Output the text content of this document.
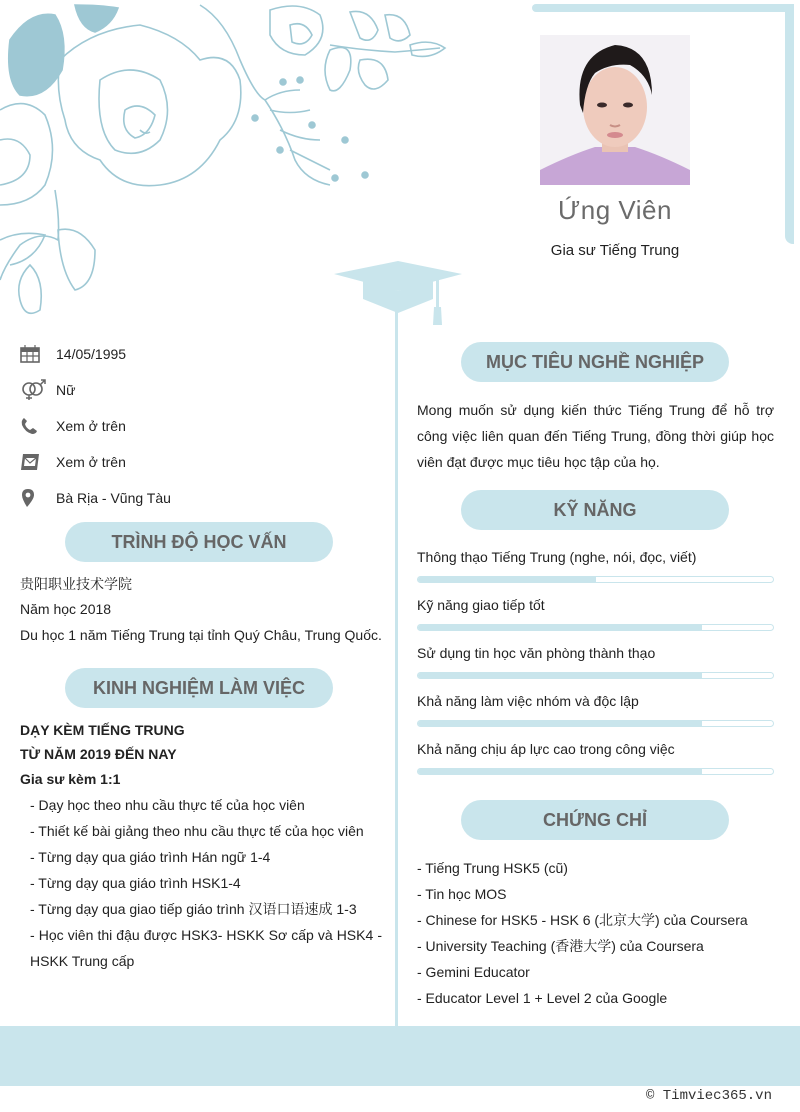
Ứng Viên
Gia sư Tiếng Trung
14/05/1995
Nữ
Xem ở trên
Xem ở trên
Bà Rịa - Vũng Tàu
TRÌNH ĐỘ HỌC VẤN
贵阳职业技术学院
Năm học 2018
Du học 1 năm Tiếng Trung tại tỉnh Quý Châu, Trung Quốc.
KINH NGHIỆM LÀM VIỆC
DẠY KÈM TIẾNG TRUNG
TỪ NĂM 2019 ĐẾN NAY
Gia sư kèm 1:1
- Dạy học theo nhu cầu thực tế của học viên
- Thiết kế bài giảng theo nhu cầu thực tế của học viên
- Từng dạy qua giáo trình Hán ngữ 1-4
- Từng dạy qua giáo trình HSK1-4
- Từng dạy qua giao tiếp giáo trình 汉语口语速成 1-3
- Học viên thi đậu được HSK3- HSKK Sơ cấp và HSK4 - HSKK Trung cấp
MỤC TIÊU NGHỀ NGHIỆP
Mong muốn sử dụng kiến thức Tiếng Trung để hỗ trợ công việc liên quan đến Tiếng Trung, đồng thời giúp học viên đạt được mục tiêu học tập của họ.
KỸ NĂNG
Thông thạo Tiếng Trung (nghe, nói, đọc, viết)
Kỹ năng giao tiếp tốt
Sử dụng tin học văn phòng thành thạo
Khả năng làm việc nhóm và độc lập
Khả năng chịu áp lực cao trong công việc
CHỨNG CHỈ
- Tiếng Trung HSK5 (cũ)
- Tin học MOS
- Chinese for HSK5 - HSK 6 (北京大学) của Coursera
- University Teaching (香港大学) của Coursera
- Gemini Educator
- Educator Level 1 + Level 2 của Google
© Timviec365.vn
